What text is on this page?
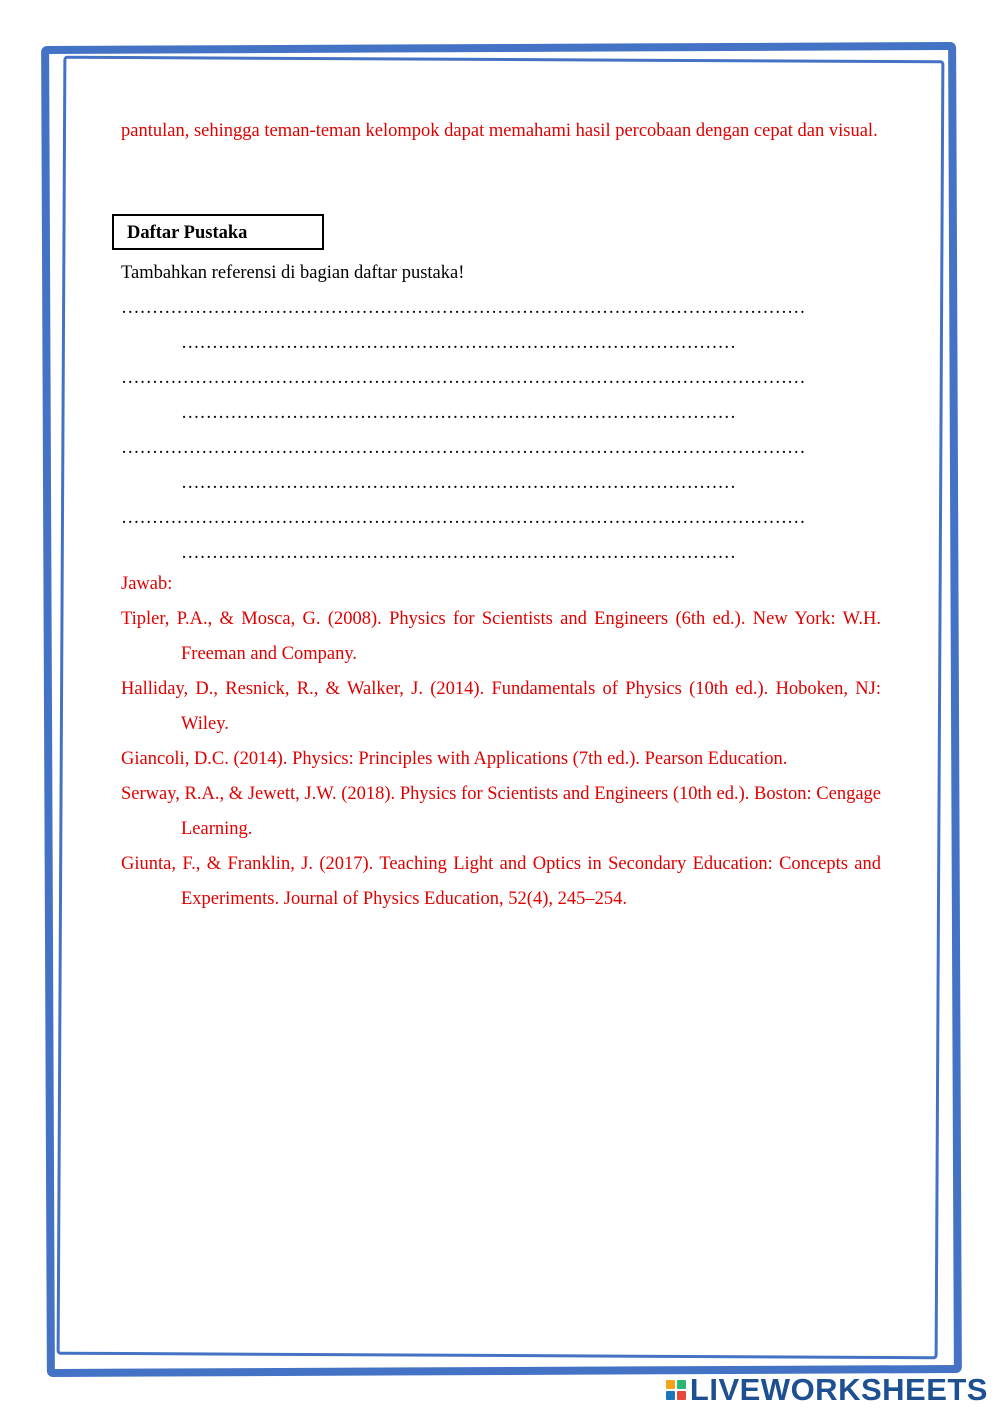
pantulan, sehingga teman-teman kelompok dapat memahami hasil percobaan dengan cepat dan visual.

Daftar Pustaka
Tambahkan referensi di bagian daftar pustaka!
…………………………………………………………………………………………………
………………………………………………………………………………
…………………………………………………………………………………………………
………………………………………………………………………………
…………………………………………………………………………………………………
………………………………………………………………………………
…………………………………………………………………………………………………
………………………………………………………………………………
Jawab:

Tipler, P.A., & Mosca, G. (2008). Physics for Scientists and Engineers (6th ed.). New York: W.H. Freeman and Company.

Halliday, D., Resnick, R., & Walker, J. (2014). Fundamentals of Physics (10th ed.). Hoboken, NJ: Wiley.

Giancoli, D.C. (2014). Physics: Principles with Applications (7th ed.). Pearson Education.

Serway, R.A., & Jewett, J.W. (2018). Physics for Scientists and Engineers (10th ed.). Boston: Cengage Learning.

Giunta, F., & Franklin, J. (2017). Teaching Light and Optics in Secondary Education: Concepts and Experiments. Journal of Physics Education, 52(4), 245–254.

LIVEWORKSHEETS
